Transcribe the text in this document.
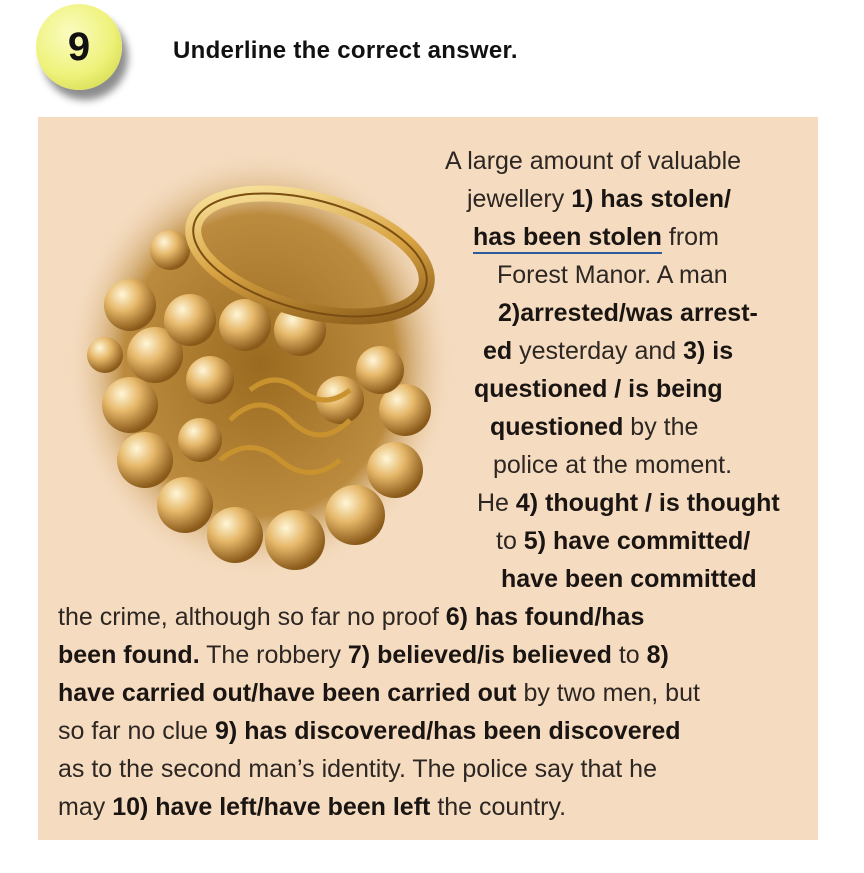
9	Underline the correct answer.
A large amount of valuable
jewellery 1) has stolen/
has been stolen from
Forest Manor. A man
2)arrested/was arrest-
ed yesterday and 3) is
questioned / is being
questioned by the
police at the moment.
He 4) thought / is thought
to 5) have committed/
have been committed
the crime, although so far no proof 6) has found/has
been found. The robbery 7) believed/is believed to 8)
have carried out/have been carried out by two men, but
so far no clue 9) has discovered/has been discovered
as to the second man’s identity. The police say that he
may 10) have left/have been left the country.
